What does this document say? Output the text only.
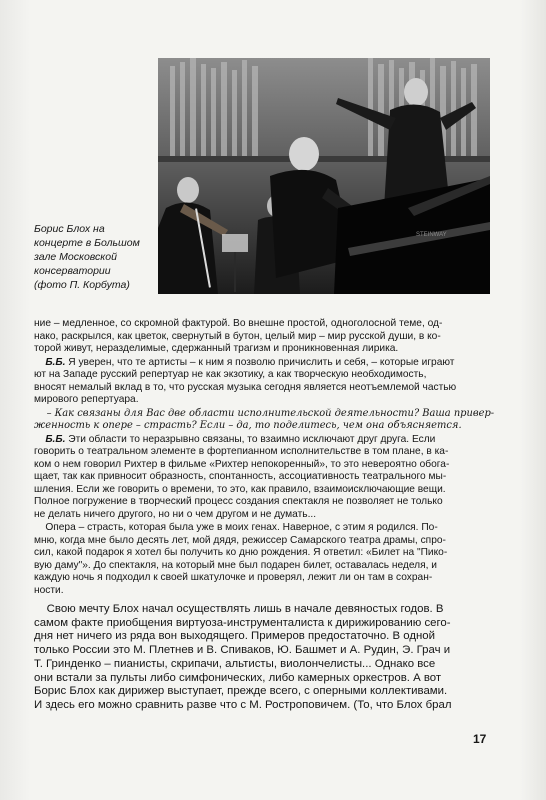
STEINWAY
Борис Блох на
концерте в Большом
зале Московской
консерватории
(фото П. Корбута)
ние – медленное, со скромной фактурой. Во внешне простой, одноголосной теме, од-
нако, раскрылся, как цветок, свернутый в бутон, целый мир – мир русской души, в ко-
торой живут, неразделимые, сдержанный трагизм и проникновенная лирика.
Б.Б. Я уверен, что те артисты – к ним я позволю причислить и себя, – которые играют
ют на Западе русский репертуар не как экзотику, а как творческую необходимость,
вносят немалый вклад в то, что русская музыка сегодня является неотъемлемой частью
мирового репертуара.
– Как связаны для Вас две области исполнительской деятельности? Ваша привер-
женность к опере – страсть? Если – да, то поделитесь, чем она объясняется.
Б.Б. Эти области то неразрывно связаны, то взаимно исключают друг друга. Если
говорить о театральном элементе в фортепианном исполнительстве в том плане, в ка-
ком о нем говорил Рихтер в фильме «Рихтер непокоренный», то это невероятно обога-
щает, так как привносит образность, спонтанность, ассоциативность театрального мы-
шления. Если же говорить о времени, то это, как правило, взаимоисключающие вещи.
Полное погружение в творческий процесс создания спектакля не позволяет не только
не делать ничего другого, но ни о чем другом и не думать...
Опера – страсть, которая была уже в моих генах. Наверное, с этим я родился. По-
мню, когда мне было десять лет, мой дядя, режиссер Самарского театра драмы, спро-
сил, какой подарок я хотел бы получить ко дню рождения. Я ответил: «Билет на "Пико-
вую даму"». До спектакля, на который мне был подарен билет, оставалась неделя, и
каждую ночь я подходил к своей шкатулочке и проверял, лежит ли он там в сохран-
ности.
Свою мечту Блох начал осуществлять лишь в начале девяностых годов. В
самом факте приобщения виртуоза-инструменталиста к дирижированию сего-
дня нет ничего из ряда вон выходящего. Примеров предостаточно. В одной
только России это М. Плетнев и В. Спиваков, Ю. Башмет и А. Рудин, Э. Грач и
Т. Гринденко – пианисты, скрипачи, альтисты, виолончелисты... Однако все
они встали за пульты либо симфонических, либо камерных оркестров. А вот
Борис Блох как дирижер выступает, прежде всего, с оперными коллективами.
И здесь его можно сравнить разве что с М. Ростроповичем. (То, что Блох брал
17
